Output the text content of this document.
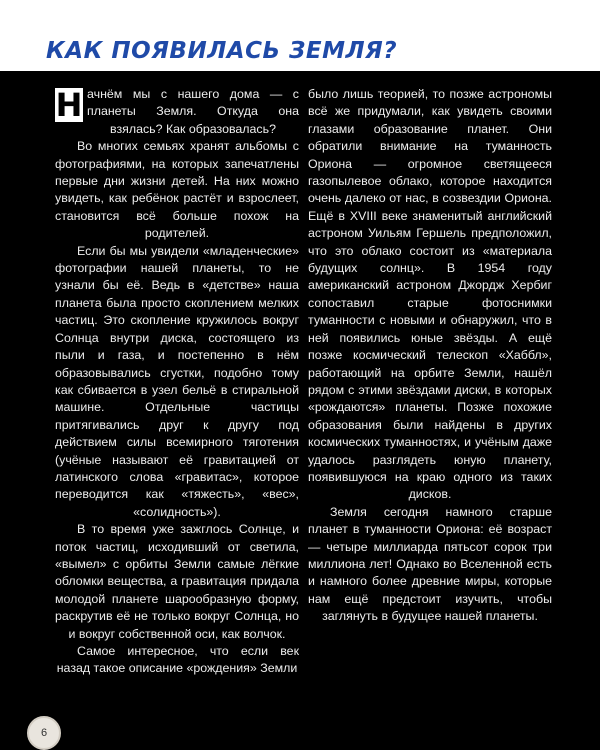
КАК ПОЯВИЛАСЬ ЗЕМЛЯ?

Н ачнём мы с нашего дома — с планеты Земля. Откуда она взялась? Как образовалась?

Во многих семьях хранят альбомы с фотографиями, на которых запечатлены первые дни жизни детей. На них можно увидеть, как ребёнок растёт и взрослеет, становится всё больше похож на родителей.

Если бы мы увидели «младенческие» фотографии нашей планеты, то не узнали бы её. Ведь в «детстве» наша планета была просто скоплением мелких частиц. Это скопление кружилось вокруг Солнца внутри диска, состоящего из пыли и газа, и постепенно в нём образовывались сгустки, подобно тому как сбивается в узел бельё в стиральной машине. Отдельные частицы притягивались друг к другу под действием силы всемирного тяготения (учёные называют её гравитацией от латинского слова «гравитас», которое переводится как «тяжесть», «вес», «солидность»).

В то время уже зажглось Солнце, и поток частиц, исходивший от светила, «вымел» с орбиты Земли самые лёгкие обломки вещества, а гравитация придала молодой планете шарообразную форму, раскрутив её не только вокруг Солнца, но и вокруг собственной оси, как волчок.

Самое интересное, что если век назад такое описание «рождения» Земли

было лишь теорией, то позже астрономы всё же придумали, как увидеть своими глазами образование планет. Они обратили внимание на туманность Ориона — огромное светящееся газопылевое облако, которое находится очень далеко от нас, в созвездии Ориона. Ещё в XVIII веке знаменитый английский астроном Уильям Гершель предположил, что это облако состоит из «материала будущих солнц». В 1954 году американский астроном Джордж Хербиг сопоставил старые фотоснимки туманности с новыми и обнаружил, что в ней появились юные звёзды. А ещё позже космический телескоп «Хаббл», работающий на орбите Земли, нашёл рядом с этими звёздами диски, в которых «рождаются» планеты. Позже похожие образования были найдены в других космических туманностях, и учёным даже удалось разглядеть юную планету, появившуюся на краю одного из таких дисков.

Земля сегодня намного старше планет в туманности Ориона: её возраст — четыре миллиарда пятьсот сорок три миллиона лет! Однако во Вселенной есть и намного более древние миры, которые нам ещё предстоит изучить, чтобы заглянуть в будущее нашей планеты.

6
